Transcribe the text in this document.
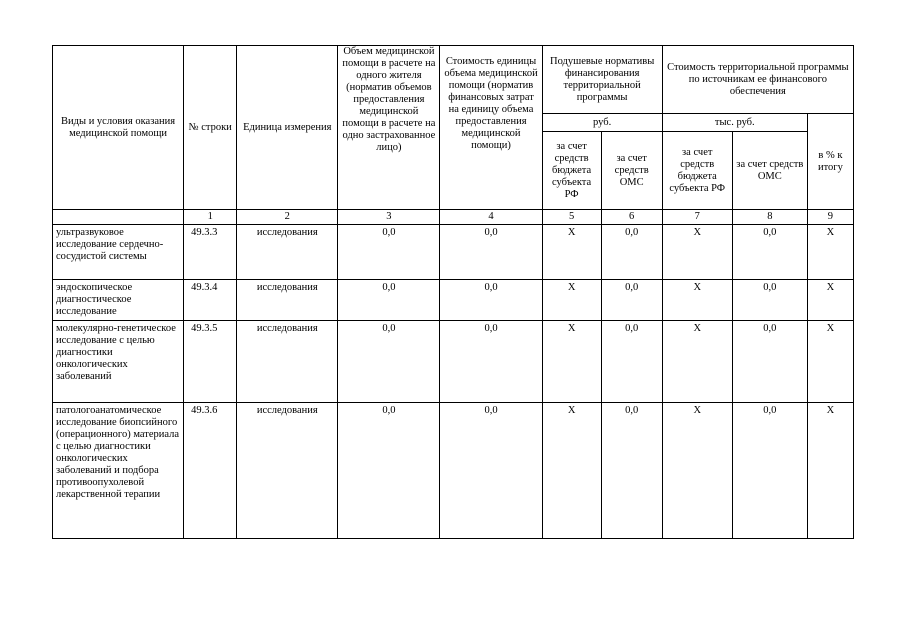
Виды и условия оказания медицинской помощи	№ строки	Единица измерения	Объем медицинской помощи в расчете на одного жителя (норматив объемов предоставления медицинской помощи в расчете на одно застрахованное лицо)	Стоимость единицы объема медицинской помощи (норматив финансовых затрат на единицу объема предоставления медицинской помощи)	Подушевые нормативы финансирования территориальной программы		Стоимость территориальной программы по источникам ее финансового обеспечения		
					руб.		тыс. руб.		в % к итогу
					за счет средств бюджета субъекта РФ	за счет средств ОМС	за счет средств бюджета субъекта РФ	за счет средств ОМС	
	1	2	3	4	5	6	7	8	9
ультразвуковое исследование сердечно-сосудистой системы	49.3.3	исследования	0,0	0,0	X	0,0	X	0,0	X
эндоскопическое диагностическое исследование	49.3.4	исследования	0,0	0,0	X	0,0	X	0,0	X
молекулярно-генетическое исследование с целью диагностики онкологических заболеваний	49.3.5	исследования	0,0	0,0	X	0,0	X	0,0	X
патологоанатомическое исследование биопсийного (операционного) материала с целью диагностики онкологических заболеваний и подбора противоопухолевой лекарственной терапии	49.3.6	исследования	0,0	0,0	X	0,0	X	0,0	X
